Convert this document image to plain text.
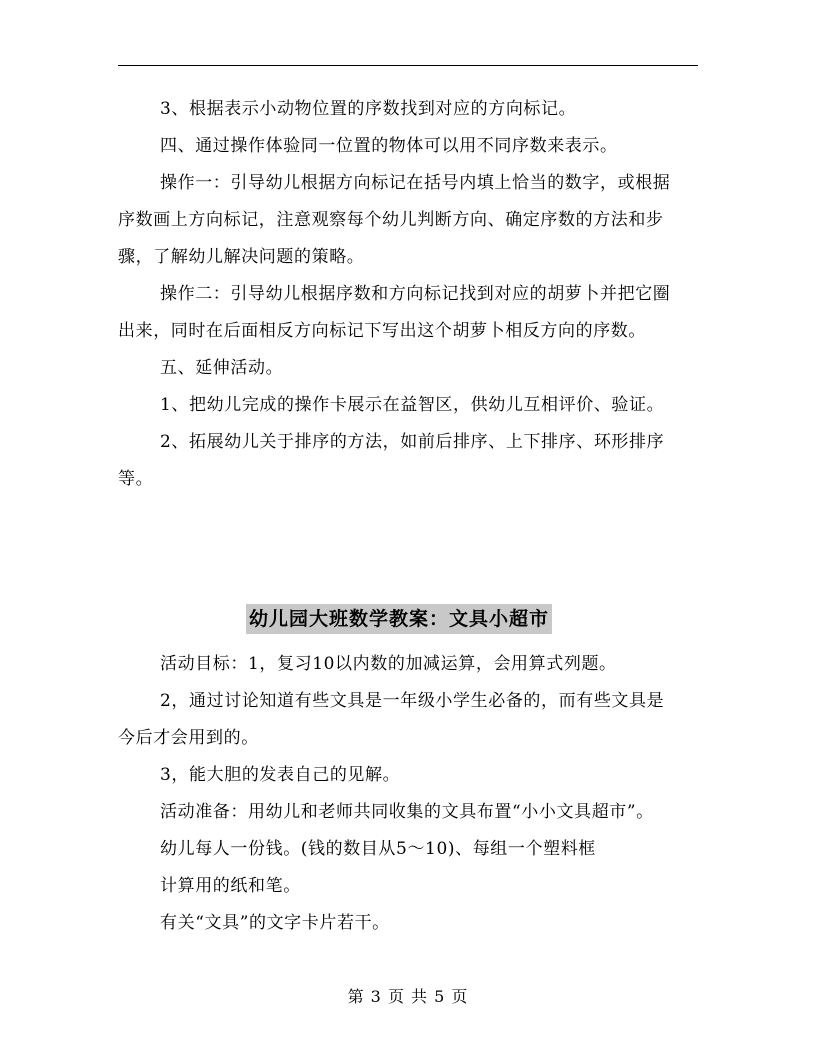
3、根据表示小动物位置的序数找到对应的方向标记。
四、通过操作体验同一位置的物体可以用不同序数来表示。
操作一：引导幼儿根据方向标记在括号内填上恰当的数字，或根据
序数画上方向标记，注意观察每个幼儿判断方向、确定序数的方法和步
骤，了解幼儿解决问题的策略。
操作二：引导幼儿根据序数和方向标记找到对应的胡萝卜并把它圈
出来，同时在后面相反方向标记下写出这个胡萝卜相反方向的序数。
五、延伸活动。
1、把幼儿完成的操作卡展示在益智区，供幼儿互相评价、验证。
2、拓展幼儿关于排序的方法，如前后排序、上下排序、环形排序
等。
幼儿园大班数学教案：文具小超市
活动目标：1，复习10以内数的加减运算，会用算式列题。
2，通过讨论知道有些文具是一年级小学生必备的，而有些文具是
今后才会用到的。
3，能大胆的发表自己的见解。
活动准备：用幼儿和老师共同收集的文具布置“小小文具超市”。
幼儿每人一份钱。(钱的数目从5～10)、每组一个塑料框
计算用的纸和笔。
有关“文具”的文字卡片若干。
第 3 页 共 5 页
